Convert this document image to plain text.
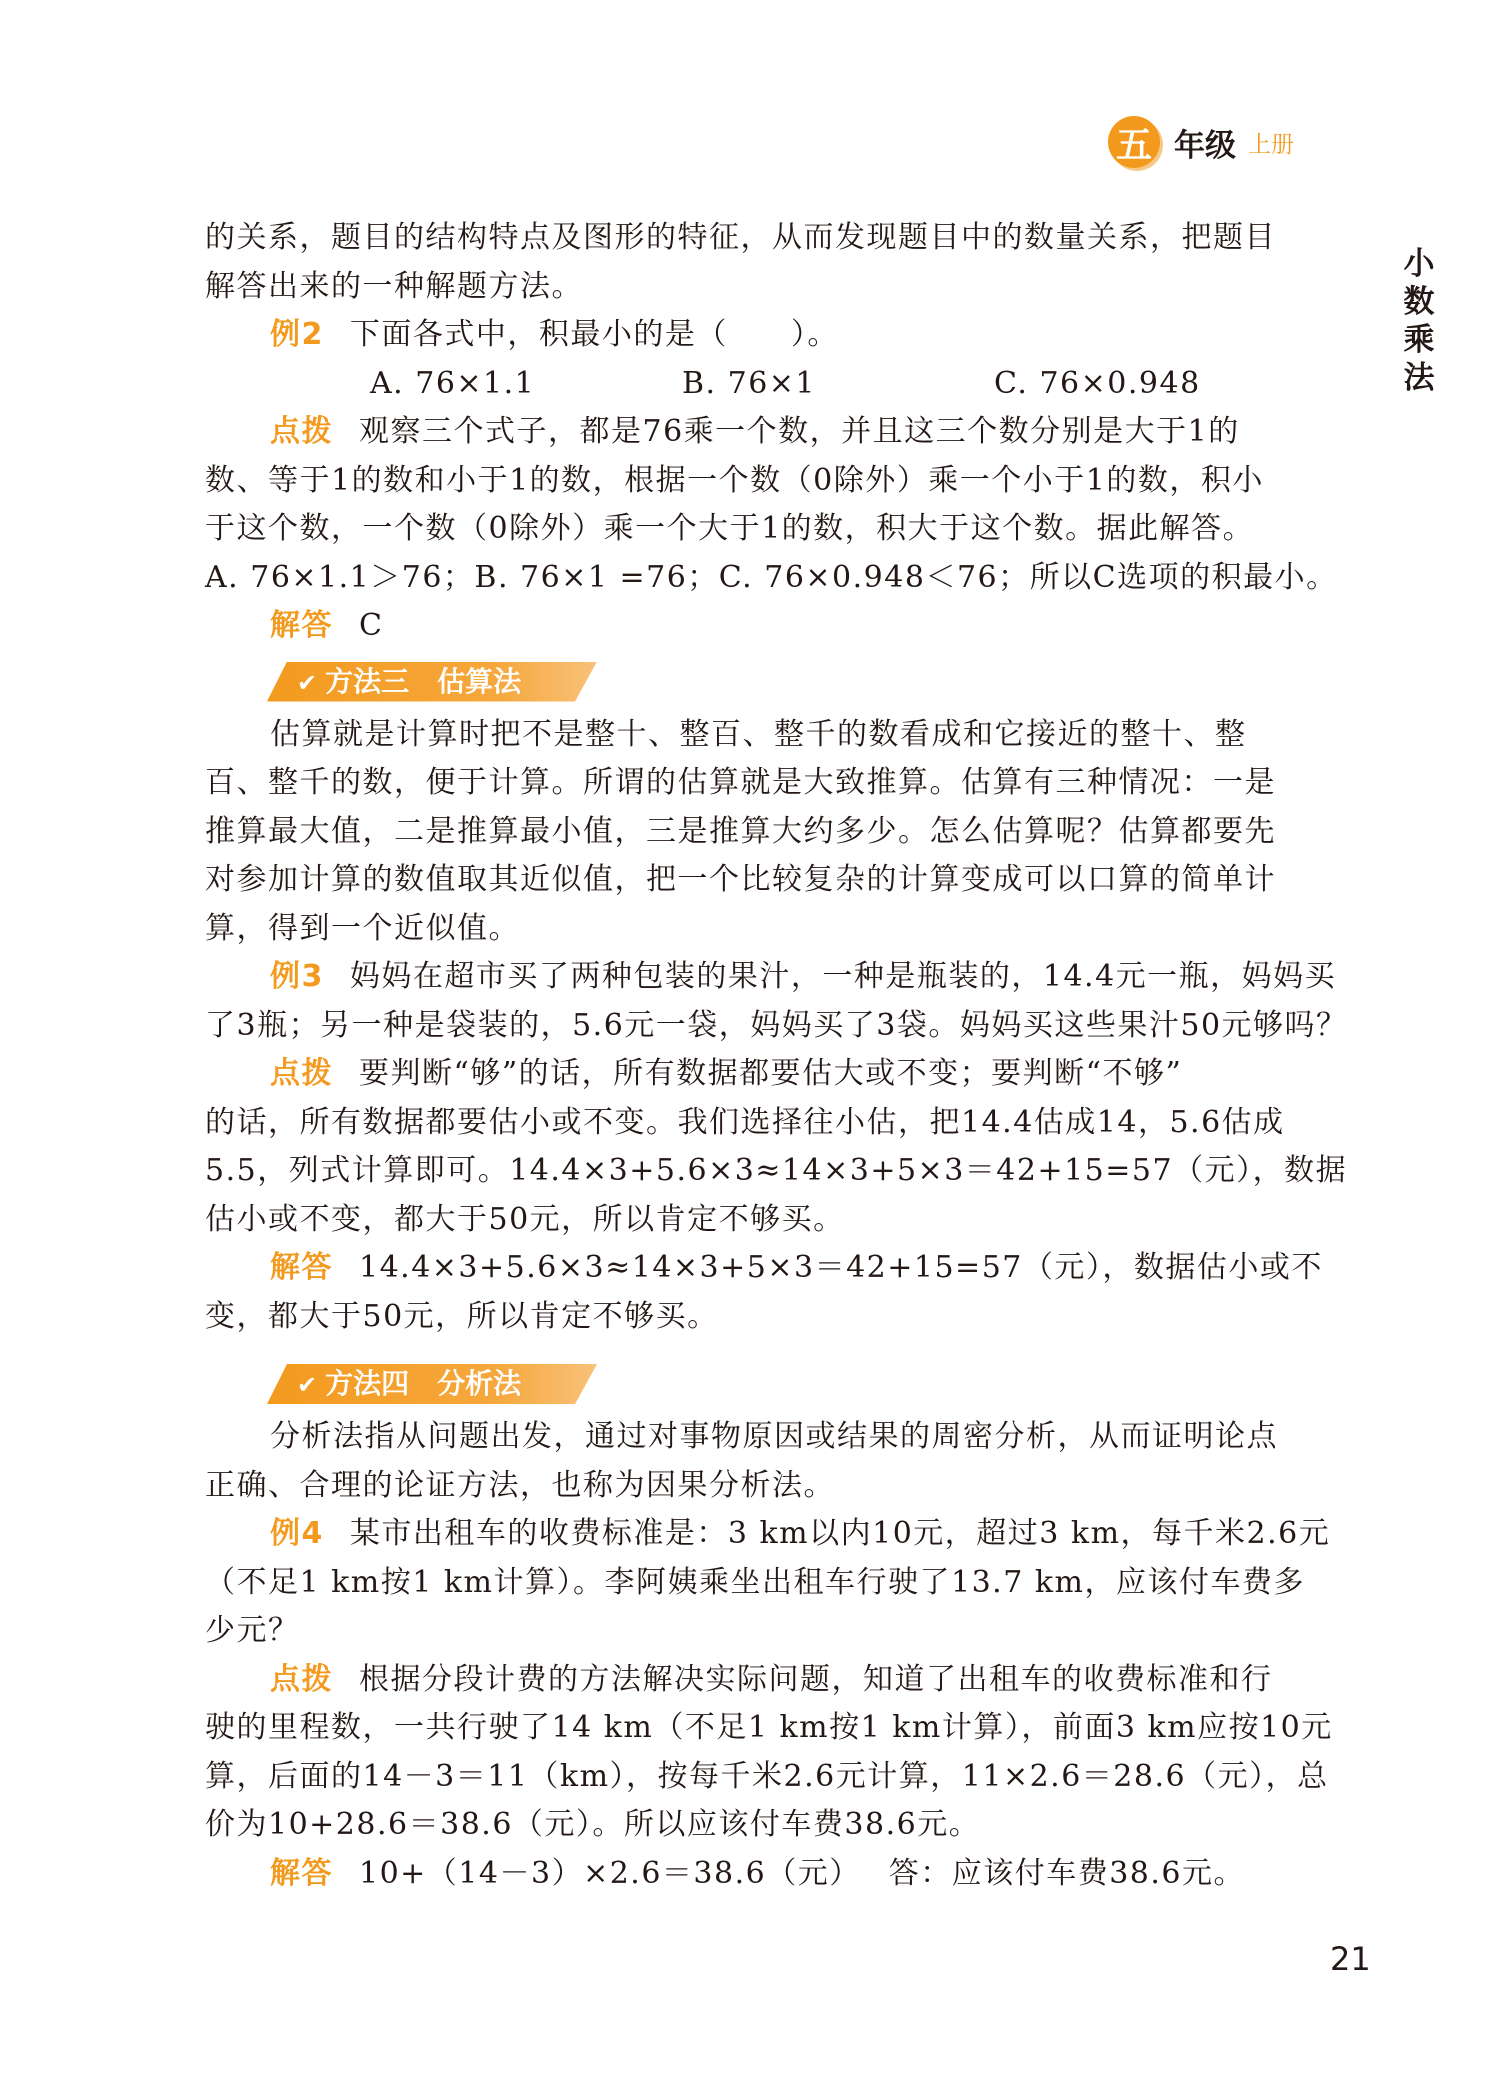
五 年级 上册
小
数
乘
法
的关系，题目的结构特点及图形的特征，从而发现题目中的数量关系，把题目
解答出来的一种解题方法。
例2 下面各式中，积最小的是（　　）。
A. 76×1.1	B. 76×1	C. 76×0.948
点拨 观察三个式子，都是76乘一个数，并且这三个数分别是大于1的
数、等于1的数和小于1的数，根据一个数（0除外）乘一个小于1的数，积小
于这个数，一个数（0除外）乘一个大于1的数，积大于这个数。据此解答。
A. 76×1.1＞76；B. 76×1 =76；C. 76×0.948＜76；所以C选项的积最小。
解答 C
✔ 方法三 估算法
估算就是计算时把不是整十、整百、整千的数看成和它接近的整十、整
百、整千的数，便于计算。所谓的估算就是大致推算。估算有三种情况：一是
推算最大值，二是推算最小值，三是推算大约多少。怎么估算呢？估算都要先
对参加计算的数值取其近似值，把一个比较复杂的计算变成可以口算的简单计
算，得到一个近似值。
例3 妈妈在超市买了两种包装的果汁，一种是瓶装的，14.4元一瓶，妈妈买
了3瓶；另一种是袋装的，5.6元一袋，妈妈买了3袋。妈妈买这些果汁50元够吗？
点拨 要判断“够”的话，所有数据都要估大或不变；要判断“不够”
的话，所有数据都要估小或不变。我们选择往小估，把14.4估成14，5.6估成
5.5，列式计算即可。14.4×3+5.6×3≈14×3+5×3＝42+15=57（元），数据
估小或不变，都大于50元，所以肯定不够买。
解答 14.4×3+5.6×3≈14×3+5×3＝42+15=57（元），数据估小或不
变，都大于50元，所以肯定不够买。
✔ 方法四 分析法
分析法指从问题出发，通过对事物原因或结果的周密分析，从而证明论点
正确、合理的论证方法，也称为因果分析法。
例4 某市出租车的收费标准是：3 km以内10元，超过3 km，每千米2.6元
（不足1 km按1 km计算）。李阿姨乘坐出租车行驶了13.7 km，应该付车费多
少元？
点拨 根据分段计费的方法解决实际问题，知道了出租车的收费标准和行
驶的里程数，一共行驶了14 km（不足1 km按1 km计算），前面3 km应按10元
算，后面的14－3＝11（km），按每千米2.6元计算，11×2.6＝28.6（元），总
价为10+28.6＝38.6（元）。所以应该付车费38.6元。
解答 10+（14－3）×2.6＝38.6（元） 答：应该付车费38.6元。
21
